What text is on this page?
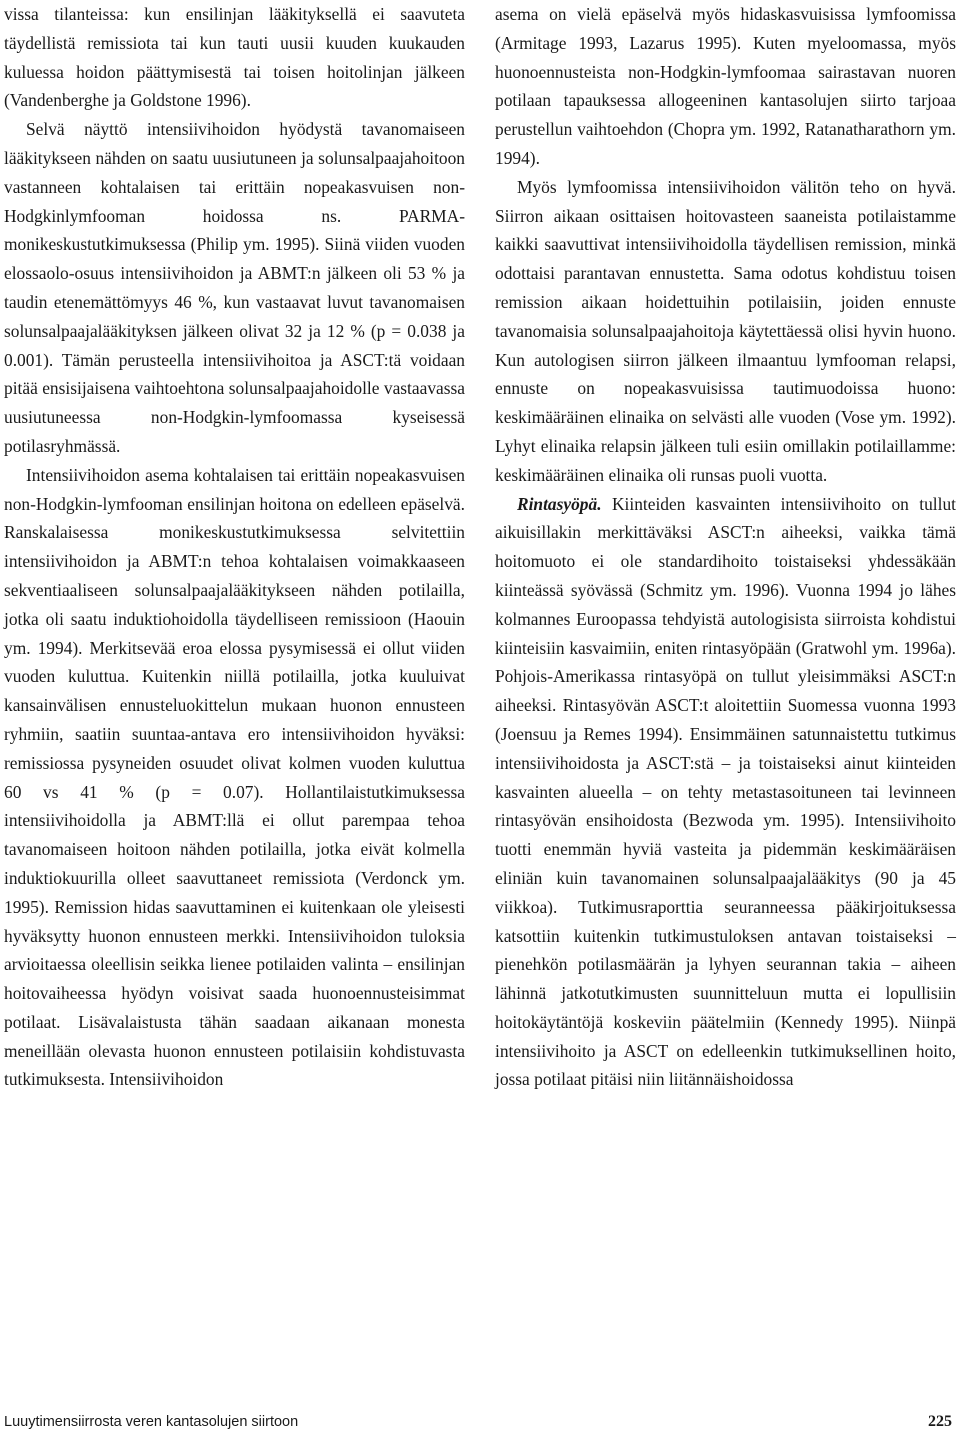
vissa tilanteissa: kun ensilinjan lääkityksellä ei saavuteta täydellistä remissiota tai kun tauti uusii kuuden kuukauden kuluessa hoidon päättymisestä tai toisen hoitolinjan jälkeen (Vandenberghe ja Goldstone 1996).

Selvä näyttö intensiivihoidon hyödystä tavanomaiseen lääkitykseen nähden on saatu uusiutuneen ja solunsalpaajahoitoon vastanneen kohtalaisen tai erittäin nopeakasvuisen non-Hodgkinlymfooman hoidossa ns. PARMA-monikeskustutkimuksessa (Philip ym. 1995). Siinä viiden vuoden elossaolo-osuus intensiivihoidon ja ABMT:n jälkeen oli 53 % ja taudin etenemättömyys 46 %, kun vastaavat luvut tavanomaisen solunsalpaajalääkityksen jälkeen olivat 32 ja 12 % (p = 0.038 ja 0.001). Tämän perusteella intensiivihoitoa ja ASCT:tä voidaan pitää ensisijaisena vaihtoehtona solunsalpaajahoidolle vastaavassa uusiutuneessa non-Hodgkin-lymfoomassa kyseisessä potilasryhmässä.

Intensiivihoidon asema kohtalaisen tai erittäin nopeakasvuisen non-Hodgkin-lymfooman ensilinjan hoitona on edelleen epäselvä. Ranskalaisessa monikeskustutkimuksessa selvitettiin intensiivihoidon ja ABMT:n tehoa kohtalaisen voimakkaaseen sekventiaaliseen solunsalpaajalääkitykseen nähden potilailla, jotka oli saatu induktiohoidolla täydelliseen remissioon (Haouin ym. 1994). Merkitsevää eroa elossa pysymisessä ei ollut viiden vuoden kuluttua. Kuitenkin niillä potilailla, jotka kuuluivat kansainvälisen ennusteluokittelun mukaan huonon ennusteen ryhmiin, saatiin suuntaa-antava ero intensiivihoidon hyväksi: remissiossa pysyneiden osuudet olivat kolmen vuoden kuluttua 60 vs 41 % (p = 0.07). Hollantilaistutkimuksessa intensiivihoidolla ja ABMT:llä ei ollut parempaa tehoa tavanomaiseen hoitoon nähden potilailla, jotka eivät kolmella induktiokuurilla olleet saavuttaneet remissiota (Verdonck ym. 1995). Remission hidas saavuttaminen ei kuitenkaan ole yleisesti hyväksytty huonon ennusteen merkki. Intensiivihoidon tuloksia arvioitaessa oleellisin seikka lienee potilaiden valinta – ensilinjan hoitovaiheessa hyödyn voisivat saada huonoennusteisimmat potilaat. Lisävalaistusta tähän saadaan aikanaan monesta meneillään olevasta huonon ennusteen potilaisiin kohdistuvasta tutkimuksesta. Intensiivihoidon

asema on vielä epäselvä myös hidaskasvuisissa lymfoomissa (Armitage 1993, Lazarus 1995). Kuten myeloomassa, myös huonoennusteista non-Hodgkin-lymfoomaa sairastavan nuoren potilaan tapauksessa allogeeninen kantasolujen siirto tarjoaa perustellun vaihtoehdon (Chopra ym. 1992, Ratanatharathorn ym. 1994).

Myös lymfoomissa intensiivihoidon välitön teho on hyvä. Siirron aikaan osittaisen hoitovasteen saaneista potilaistamme kaikki saavuttivat intensiivihoidolla täydellisen remission, minkä odottaisi parantavan ennustetta. Sama odotus kohdistuu toisen remission aikaan hoidettuihin potilaisiin, joiden ennuste tavanomaisia solunsalpaajahoitoja käytettäessä olisi hyvin huono. Kun autologisen siirron jälkeen ilmaantuu lymfooman relapsi, ennuste on nopeakasvuisissa tautimuodoissa huono: keskimääräinen elinaika on selvästi alle vuoden (Vose ym. 1992). Lyhyt elinaika relapsin jälkeen tuli esiin omillakin potilaillamme: keskimääräinen elinaika oli runsas puoli vuotta.

Rintasyöpä. Kiinteiden kasvainten intensiivihoito on tullut aikuisillakin merkittäväksi ASCT:n aiheeksi, vaikka tämä hoitomuoto ei ole standardihoito toistaiseksi yhdessäkään kiinteässä syövässä (Schmitz ym. 1996). Vuonna 1994 jo lähes kolmannes Euroopassa tehdyistä autologisista siirroista kohdistui kiinteisiin kasvaimiin, eniten rintasyöpään (Gratwohl ym. 1996a). Pohjois-Amerikassa rintasyöpä on tullut yleisimmäksi ASCT:n aiheeksi. Rintasyövän ASCT:t aloitettiin Suomessa vuonna 1993 (Joensuu ja Remes 1994). Ensimmäinen satunnaistettu tutkimus intensiivihoidosta ja ASCT:stä – ja toistaiseksi ainut kiinteiden kasvainten alueella – on tehty metastasoituneen tai levinneen rintasyövän ensihoidosta (Bezwoda ym. 1995). Intensiivihoito tuotti enemmän hyviä vasteita ja pidemmän keskimääräisen eliniän kuin tavanomainen solunsalpaajalääkitys (90 ja 45 viikkoa). Tutkimusraporttia seuranneessa pääkirjoituksessa katsottiin kuitenkin tutkimustuloksen antavan toistaiseksi – pienehkön potilasmäärän ja lyhyen seurannan takia – aiheen lähinnä jatkotutkimusten suunnitteluun mutta ei lopullisiin hoitokäytäntöjä koskeviin päätelmiin (Kennedy 1995). Niinpä intensiivihoito ja ASCT on edelleenkin tutkimuksellinen hoito, jossa potilaat pitäisi niin liitännäishoidossa

Luuytimensiirrosta veren kantasolujen siirtoon	225
